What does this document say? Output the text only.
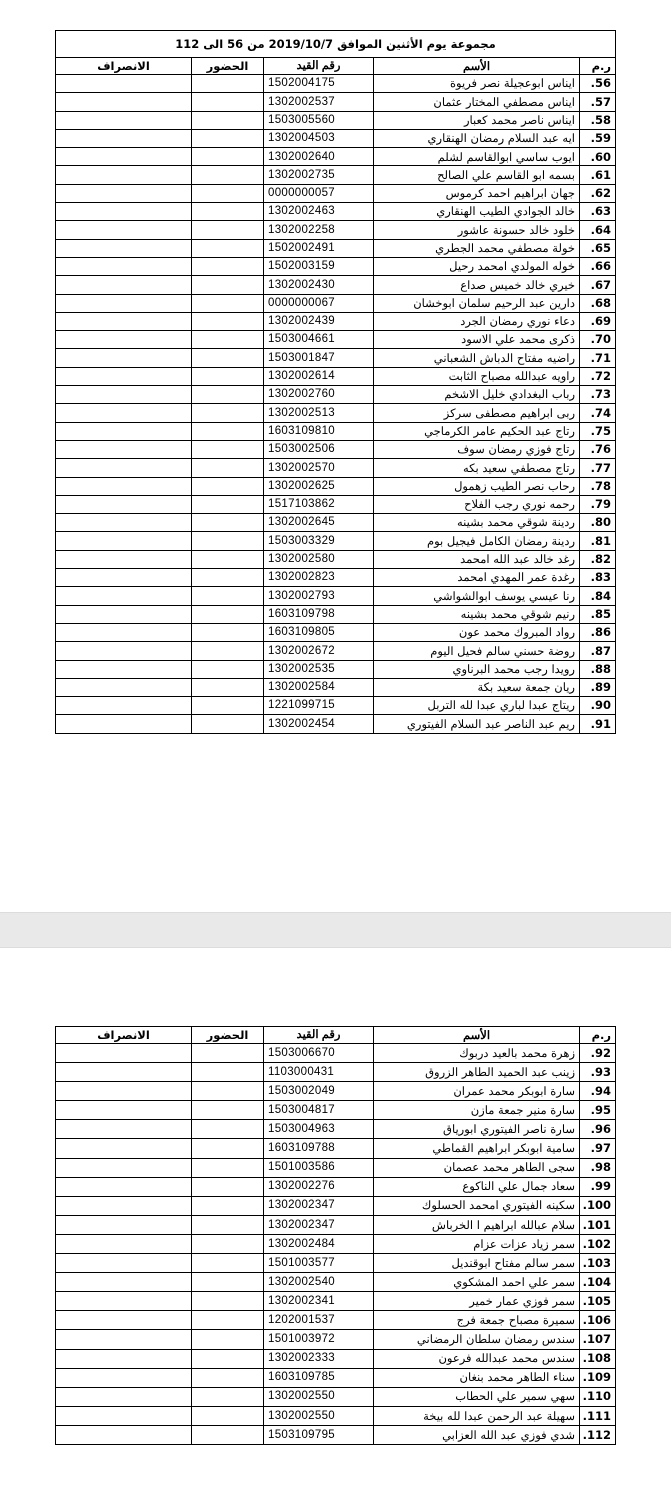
مجموعة يوم الأثنين الموافق 2019/10/7 من 56 الى 112				
ر.م	الأسم	رقم القيد	الحضور	الانصراف
56.	ايناس ابوعجيلة نصر فريوة	1502004175		
57.	ايناس مصطفي المختار عثمان	1302002537		
58.	ايناس ناصر محمد كعبار	1503005560		
59.	ايه عبد السلام رمضان الهنقاري	1302004503		
60.	ايوب ساسي ابوالقاسم لشلم	1302002640		
61.	بسمه ابو القاسم علي الصالح	1302002735		
62.	جهان ابراهيم احمد كرموس	0000000057		
63.	خالد الجوادي الطيب الهنقاري	1302002463		
64.	خلود خالد حسونة عاشور	1302002258		
65.	خولة مصطفي محمد الجطري	1502002491		
66.	خوله المولدي امحمد رحيل	1502003159		
67.	خيري خالد خميس صداع	1302002430		
68.	دارين عبد الرحيم سلمان ابوخشان	0000000067		
69.	دعاء نوري رمضان الجرد	1302002439		
70.	ذكرى محمد علي الاسود	1503004661		
71.	راضيه مفتاح الدباش الشعباني	1503001847		
72.	راويه عبدالله مصباح الثابت	1302002614		
73.	رباب البغدادي خليل الاشخم	1302002760		
74.	ربى ابراهيم مصطفى سركز	1302002513		
75.	رتاج عبد الحكيم عامر الكرماجي	1603109810		
76.	رتاج فوزي رمضان سوف	1503002506		
77.	رتاج مصطفي سعيد بكه	1302002570		
78.	رحاب نصر الطيب زهمول	1302002625		
79.	رحمه نوري رجب الفلاح	1517103862		
80.	ردينة شوقي محمد بشينه	1302002645		
81.	ردينة رمضان الكامل فيجيل بوم	1503003329		
82.	رغد خالد عبد الله امحمد	1302002580		
83.	رغدة عمر المهدي امحمد	1302002823		
84.	رنا عيسي يوسف ابوالشواشي	1302002793		
85.	رنيم شوقي محمد بشينه	1603109798		
86.	رواد المبروك محمد عون	1603109805		
87.	روضة حسني سالم فحيل اليوم	1302002672		
88.	رويدا رجب محمد البرناوي	1302002535		
89.	ريان جمعة سعيد بكة	1302002584		
90.	ريتاج عبدا لباري عبدا لله التربل	1221099715		
91.	ريم عبد الناصر عبد السلام الفيتوري	1302002454		
ر.م	الأسم	رقم القيد	الحضور	الانصراف
92.	زهرة محمد بالعيد دربوك	1503006670		
93.	زينب عبد الحميد الطاهر الزروق	1103000431		
94.	سارة ابوبكر محمد عمران	1503002049		
95.	سارة منير جمعة مازن	1503004817		
96.	سارة ناصر الفيتوري ابورياق	1503004963		
97.	سامية ابوبكر ابراهيم القماطي	1603109788		
98.	سجى الطاهر محمد عصمان	1501003586		
99.	سعاد جمال علي الناكوع	1302002276		
100.	سكينه الفيتوري امحمد الحسلوك	1302002347		
101.	سلام عبالله ابراهيم ا الخرباش	1302002347		
102.	سمر زياد عزات عزام	1302002484		
103.	سمر سالم مفتاح ابوقنديل	1501003577		
104.	سمر علي احمد المشكوي	1302002540		
105.	سمر فوزي عمار خمير	1302002341		
106.	سميرة مصباح جمعة فرج	1202001537		
107.	سندس رمضان سلطان الرمضاني	1501003972		
108.	سندس محمد عبدالله فرعون	1302002333		
109.	سناء الطاهر محمد بنغان	1603109785		
110.	سهي سمير علي الحطاب	1302002550		
111.	سهيلة عبد الرحمن عبدا لله بيخة	1302002550		
112.	شدي فوزي عبد الله العزابي	1503109795		
